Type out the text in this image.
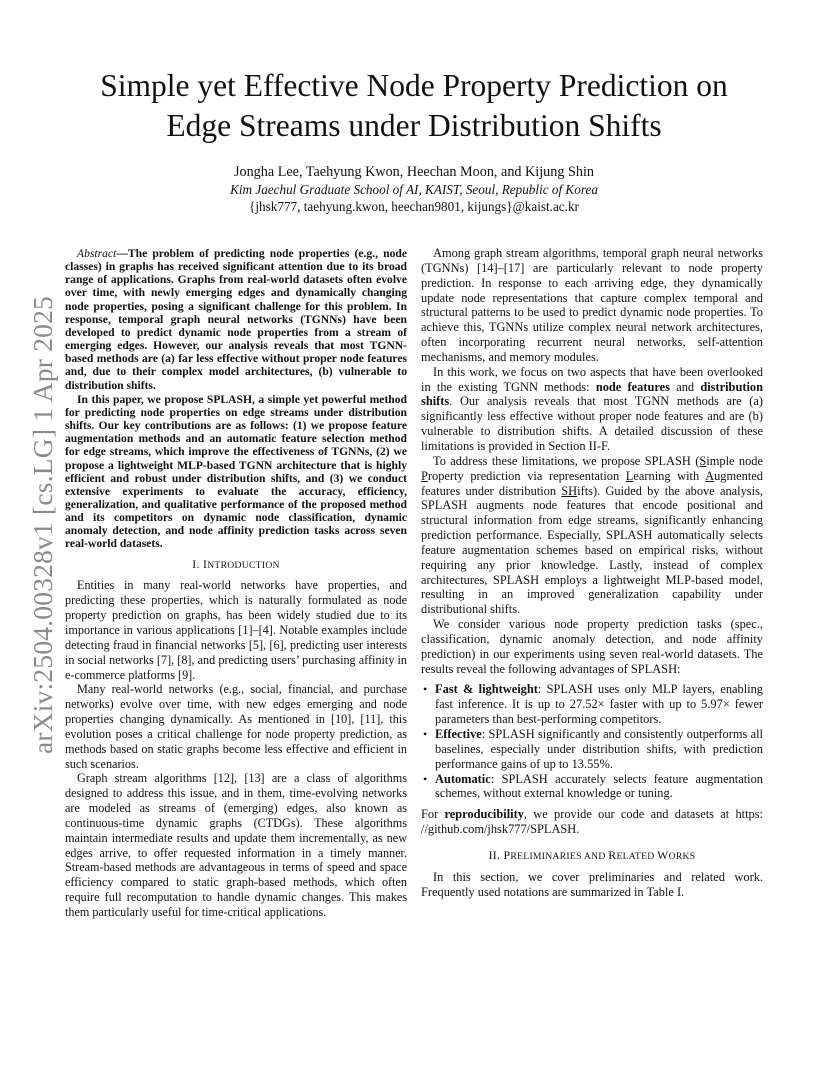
arXiv:2504.00328v1 [cs.LG] 1 Apr 2025
Simple yet Effective Node Property Prediction on
Edge Streams under Distribution Shifts
Jongha Lee, Taehyung Kwon, Heechan Moon, and Kijung Shin
Kim Jaechul Graduate School of AI, KAIST, Seoul, Republic of Korea
{jhsk777, taehyung.kwon, heechan9801, kijungs}@kaist.ac.kr

Abstract—The problem of predicting node properties (e.g., node classes) in graphs has received significant attention due to its broad range of applications. Graphs from real-world datasets often evolve over time, with newly emerging edges and dynamically changing node properties, posing a significant challenge for this problem. In response, temporal graph neural networks (TGNNs) have been developed to predict dynamic node properties from a stream of emerging edges. However, our analysis reveals that most TGNN-based methods are (a) far less effective without proper node features and, due to their complex model architectures, (b) vulnerable to distribution shifts.

In this paper, we propose SPLASH, a simple yet powerful method for predicting node properties on edge streams under distribution shifts. Our key contributions are as follows: (1) we propose feature augmentation methods and an automatic feature selection method for edge streams, which improve the effectiveness of TGNNs, (2) we propose a lightweight MLP-based TGNN architecture that is highly efficient and robust under distribution shifts, and (3) we conduct extensive experiments to evaluate the accuracy, efficiency, generalization, and qualitative performance of the proposed method and its competitors on dynamic node classification, dynamic anomaly detection, and node affinity prediction tasks across seven real-world datasets.

I. INTRODUCTION

Entities in many real-world networks have properties, and predicting these properties, which is naturally formulated as node property prediction on graphs, has been widely studied due to its importance in various applications [1]–[4]. Notable examples include detecting fraud in financial networks [5], [6], predicting user interests in social networks [7], [8], and predicting users’ purchasing affinity in e-commerce platforms [9].

Many real-world networks (e.g., social, financial, and purchase networks) evolve over time, with new edges emerging and node properties changing dynamically. As mentioned in [10], [11], this evolution poses a critical challenge for node property prediction, as methods based on static graphs become less effective and efficient in such scenarios.

Graph stream algorithms [12], [13] are a class of algorithms designed to address this issue, and in them, time-evolving networks are modeled as streams of (emerging) edges, also known as continuous-time dynamic graphs (CTDGs). These algorithms maintain intermediate results and update them incrementally, as new edges arrive, to offer requested information in a timely manner. Stream-based methods are advantageous in terms of speed and space efficiency compared to static graph-based methods, which often require full recomputation to handle dynamic changes. This makes them particularly useful for time-critical applications.

Among graph stream algorithms, temporal graph neural networks (TGNNs) [14]–[17] are particularly relevant to node property prediction. In response to each arriving edge, they dynamically update node representations that capture complex temporal and structural patterns to be used to predict dynamic node properties. To achieve this, TGNNs utilize complex neural network architectures, often incorporating recurrent neural networks, self-attention mechanisms, and memory modules.

In this work, we focus on two aspects that have been overlooked in the existing TGNN methods: node features and distribution shifts. Our analysis reveals that most TGNN methods are (a) significantly less effective without proper node features and are (b) vulnerable to distribution shifts. A detailed discussion of these limitations is provided in Section II-F.

To address these limitations, we propose SPLASH (Simple node Property prediction via representation Learning with Augmented features under distribution SHifts). Guided by the above analysis, SPLASH augments node features that encode positional and structural information from edge streams, significantly enhancing prediction performance. Especially, SPLASH automatically selects feature augmentation schemes based on empirical risks, without requiring any prior knowledge. Lastly, instead of complex architectures, SPLASH employs a lightweight MLP-based model, resulting in an improved generalization capability under distributional shifts.

We consider various node property prediction tasks (spec., classification, dynamic anomaly detection, and node affinity prediction) in our experiments using seven real-world datasets. The results reveal the following advantages of SPLASH:

• Fast & lightweight: SPLASH uses only MLP layers, enabling fast inference. It is up to 27.52× faster with up to 5.97× fewer parameters than best-performing competitors.
• Effective: SPLASH significantly and consistently outperforms all baselines, especially under distribution shifts, with prediction performance gains of up to 13.55%.
• Automatic: SPLASH accurately selects feature augmentation schemes, without external knowledge or tuning.

For reproducibility, we provide our code and datasets at https: //github.com/jhsk777/SPLASH.

II. PRELIMINARIES AND RELATED WORKS

In this section, we cover preliminaries and related work. Frequently used notations are summarized in Table I.
